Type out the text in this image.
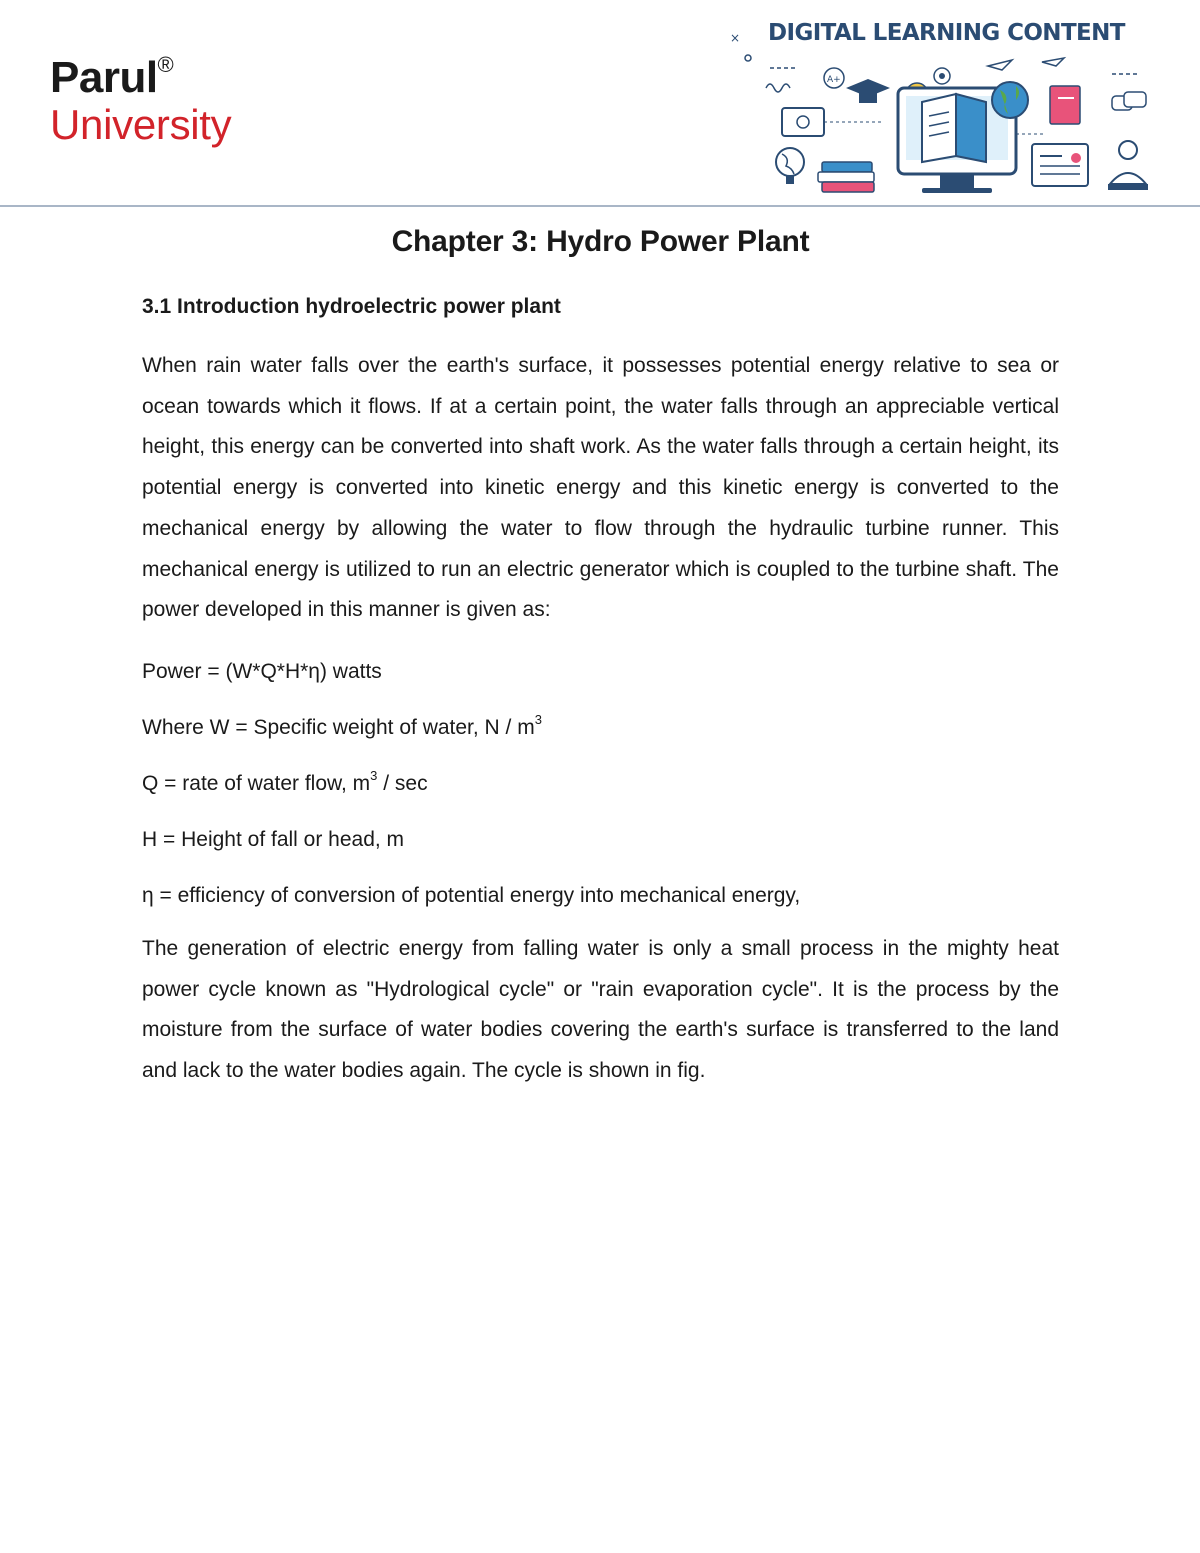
Parul®
University
DIGITAL LEARNING CONTENT
×
A+
Chapter 3: Hydro Power Plant
3.1 Introduction hydroelectric power plant

When rain water falls over the earth's surface, it possesses potential energy relative to sea or ocean towards which it flows. If at a certain point, the water falls through an appreciable vertical height, this energy can be converted into shaft work. As the water falls through a certain height, its potential energy is converted into kinetic energy and this kinetic energy is converted to the mechanical energy by allowing the water to flow through the hydraulic turbine runner. This mechanical energy is utilized to run an electric generator which is coupled to the turbine shaft. The power developed in this manner is given as:

Power = (W*Q*H*η) watts

Where W = Specific weight of water, N / $m^3$

Q = rate of water flow, $m^3$ / sec

H = Height of fall or head, m

η = efficiency of conversion of potential energy into mechanical energy,

The generation of electric energy from falling water is only a small process in the mighty heat power cycle known as "Hydrological cycle" or "rain evaporation cycle". It is the process by the moisture from the surface of water bodies covering the earth's surface is transferred to the land and lack to the water bodies again. The cycle is shown in fig.
